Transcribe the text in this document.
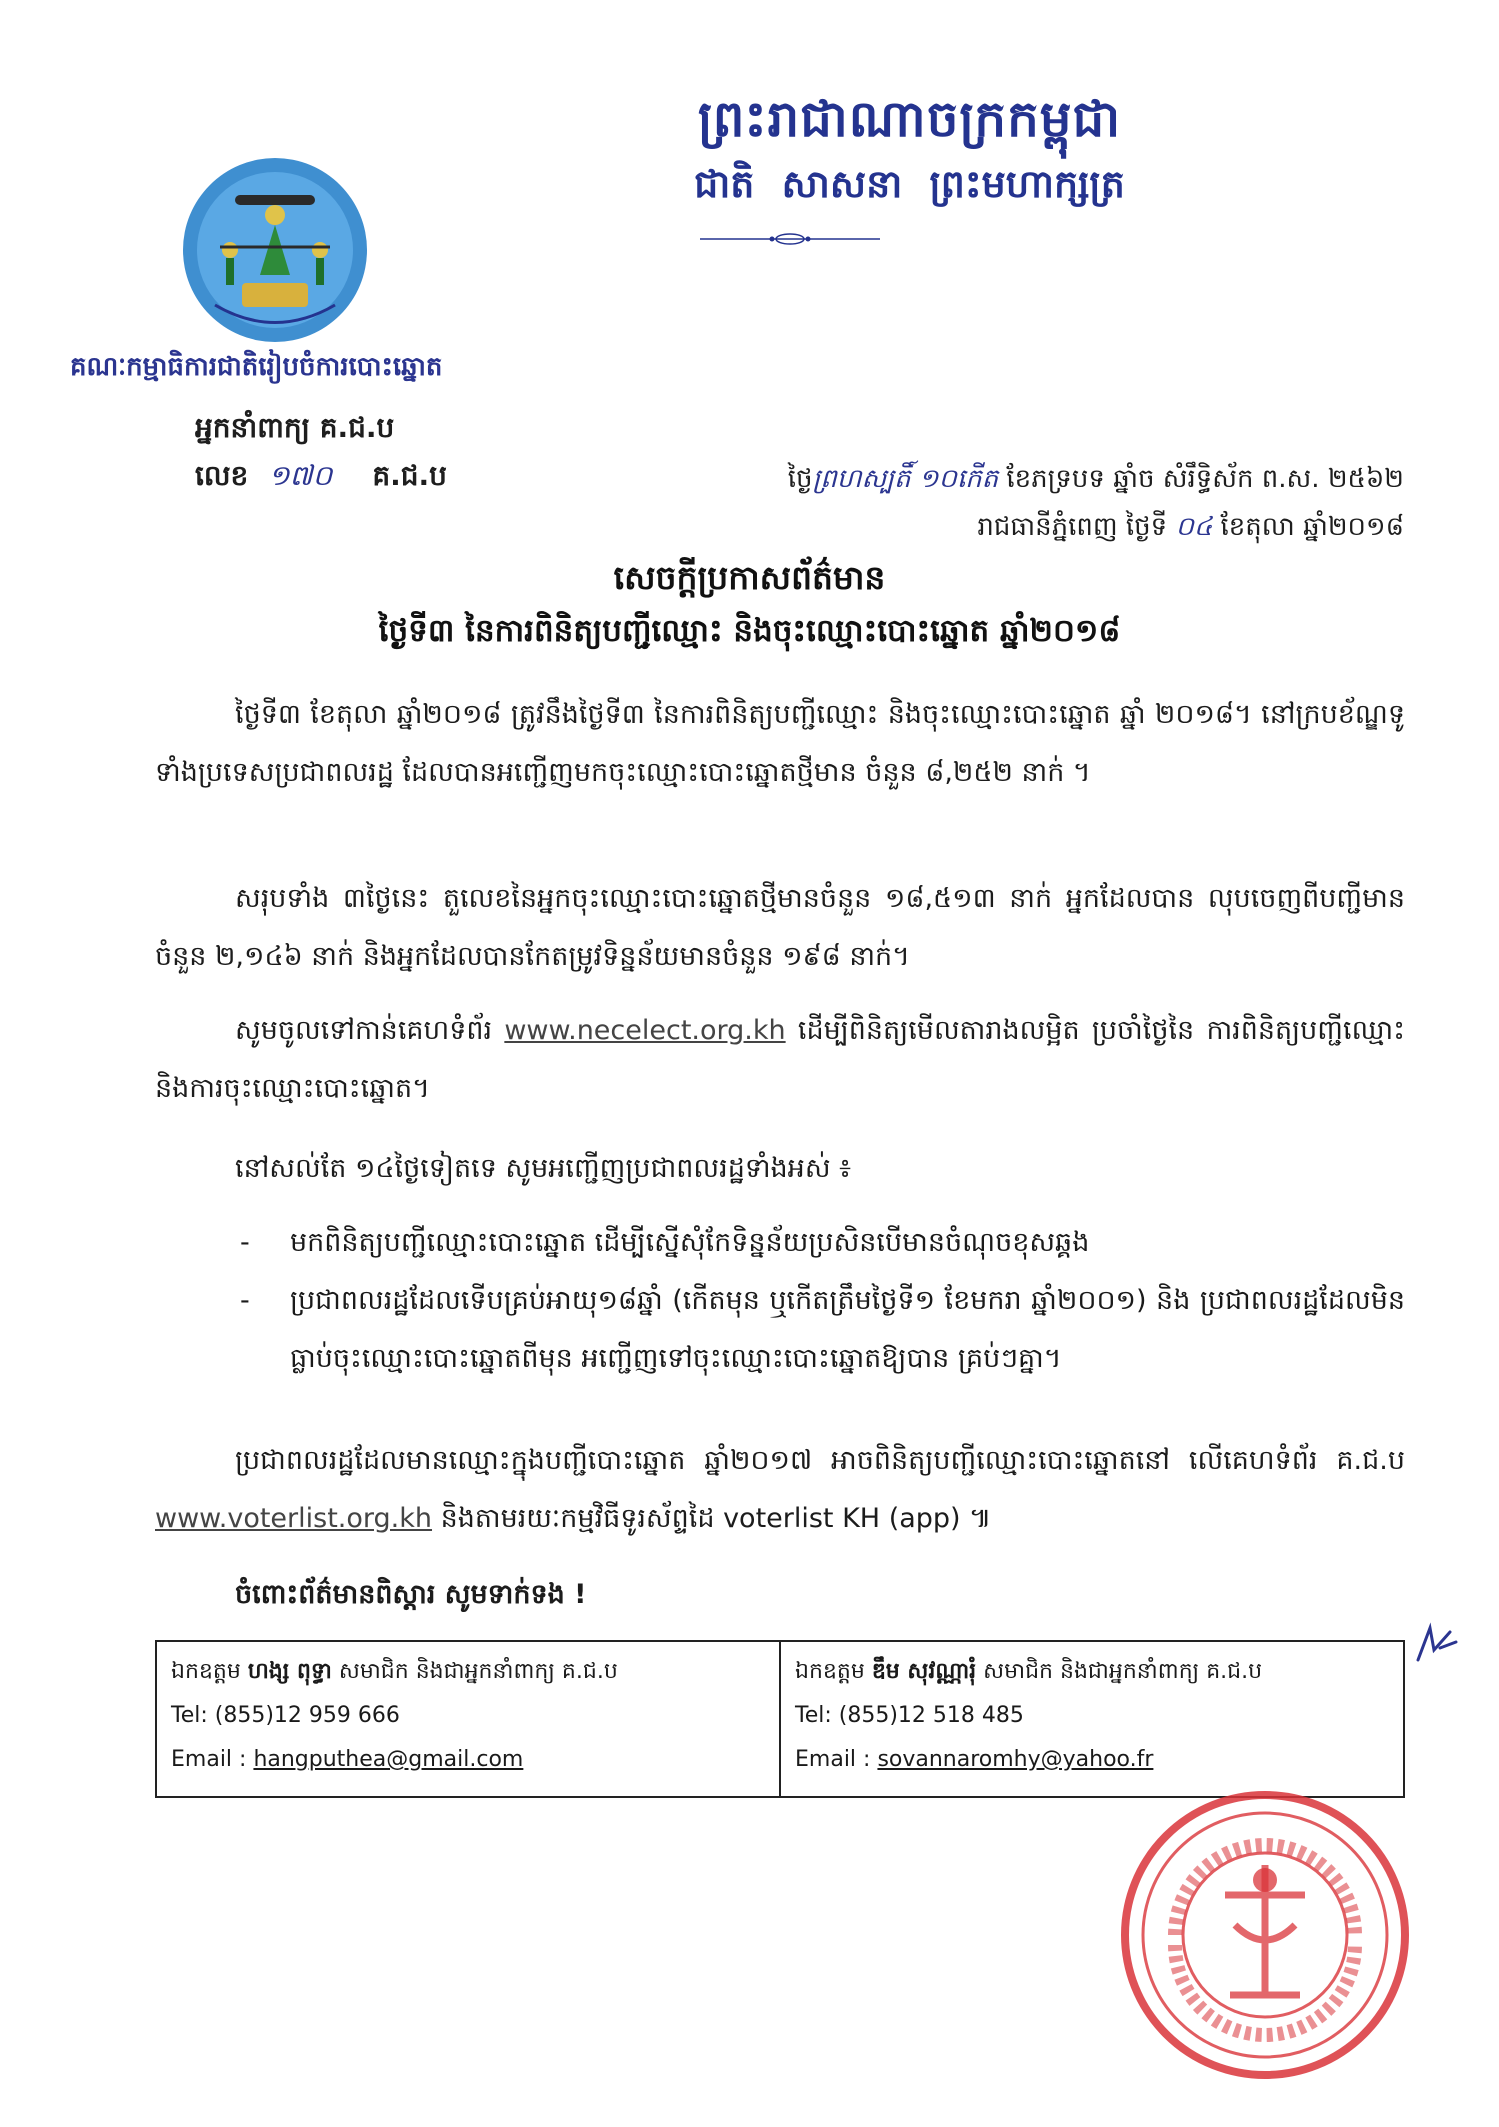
ព្រះរាជាណាចក្រកម្ពុជា
ជាតិ សាសនា ព្រះមហាក្សត្រ
គណៈកម្មាធិការជាតិរៀបចំការបោះឆ្នោត
អ្នកនាំពាក្យ គ.ជ.ប
លេខ ១៧០ គ.ជ.ប	ថ្ងៃព្រហស្បតិ៍ ១០កើត ខែភទ្របទ ឆ្នាំច សំរឹទ្ធិស័ក ព.ស. ២៥៦២
រាជធានីភ្នំពេញ ថ្ងៃទី ០៤ ខែតុលា ឆ្នាំ២០១៨
សេចក្តីប្រកាសព័ត៌មាន
ថ្ងៃទី៣ នៃការពិនិត្យបញ្ជីឈ្មោះ និងចុះឈ្មោះបោះឆ្នោត ឆ្នាំ២០១៨
ថ្ងៃទី៣ ខែតុលា ឆ្នាំ២០១៨ ត្រូវនឹងថ្ងៃទី៣ នៃការពិនិត្យបញ្ជីឈ្មោះ និងចុះឈ្មោះបោះឆ្នោត ឆ្នាំ ២០១៨។ នៅក្របខ័ណ្ឌទូទាំងប្រទេសប្រជាពលរដ្ឋ ដែលបានអញ្ជើញមកចុះឈ្មោះបោះឆ្នោតថ្មីមាន ចំនួន ៨,២៥២ នាក់ ។
សរុបទាំង ៣ថ្ងៃនេះ តួលេខនៃអ្នកចុះឈ្មោះបោះឆ្នោតថ្មីមានចំនួន ១៨,៥១៣ នាក់ អ្នកដែលបាន លុបចេញពីបញ្ជីមានចំនួន ២,១៤៦ នាក់ និងអ្នកដែលបានកែតម្រូវទិន្នន័យមានចំនួន ១៩៨ នាក់។
សូមចូលទៅកាន់គេហទំព័រ www.necelect.org.kh ដើម្បីពិនិត្យមើលតារាងលម្អិត ប្រចាំថ្ងៃនៃ ការពិនិត្យបញ្ជីឈ្មោះ និងការចុះឈ្មោះបោះឆ្នោត។
នៅសល់តែ ១៤ថ្ងៃទៀតទេ សូមអញ្ជើញប្រជាពលរដ្ឋទាំងអស់ ៖
- មកពិនិត្យបញ្ជីឈ្មោះបោះឆ្នោត ដើម្បីស្នើសុំកែទិន្នន័យប្រសិនបើមានចំណុចខុសឆ្គង
- ប្រជាពលរដ្ឋដែលទើបគ្រប់អាយុ១៨ឆ្នាំ (កើតមុន ឬកើតត្រឹមថ្ងៃទី១ ខែមករា ឆ្នាំ២០០១) និង ប្រជាពលរដ្ឋដែលមិនធ្លាប់ចុះឈ្មោះបោះឆ្នោតពីមុន អញ្ជើញទៅចុះឈ្មោះបោះឆ្នោតឱ្យបាន គ្រប់ៗគ្នា។
ប្រជាពលរដ្ឋដែលមានឈ្មោះក្នុងបញ្ជីបោះឆ្នោត ឆ្នាំ២០១៧ អាចពិនិត្យបញ្ជីឈ្មោះបោះឆ្នោតនៅ លើគេហទំព័រ គ.ជ.ប www.voterlist.org.kh និងតាមរយៈកម្មវិធីទូរស័ព្ទដៃ voterlist KH (app) ៕
ចំពោះព័ត៌មានពិស្តារ សូមទាក់ទង !
ឯកឧត្តម ហង្ស ពុទ្ធា សមាជិក និងជាអ្នកនាំពាក្យ គ.ជ.ប
Tel: (855)12 959 666
Email : hangputhea@gmail.com
ឯកឧត្តម ឌឹម សុវណ្ណារុំ សមាជិក និងជាអ្នកនាំពាក្យ គ.ជ.ប
Tel: (855)12 518 485
Email : sovannaromhy@yahoo.fr
